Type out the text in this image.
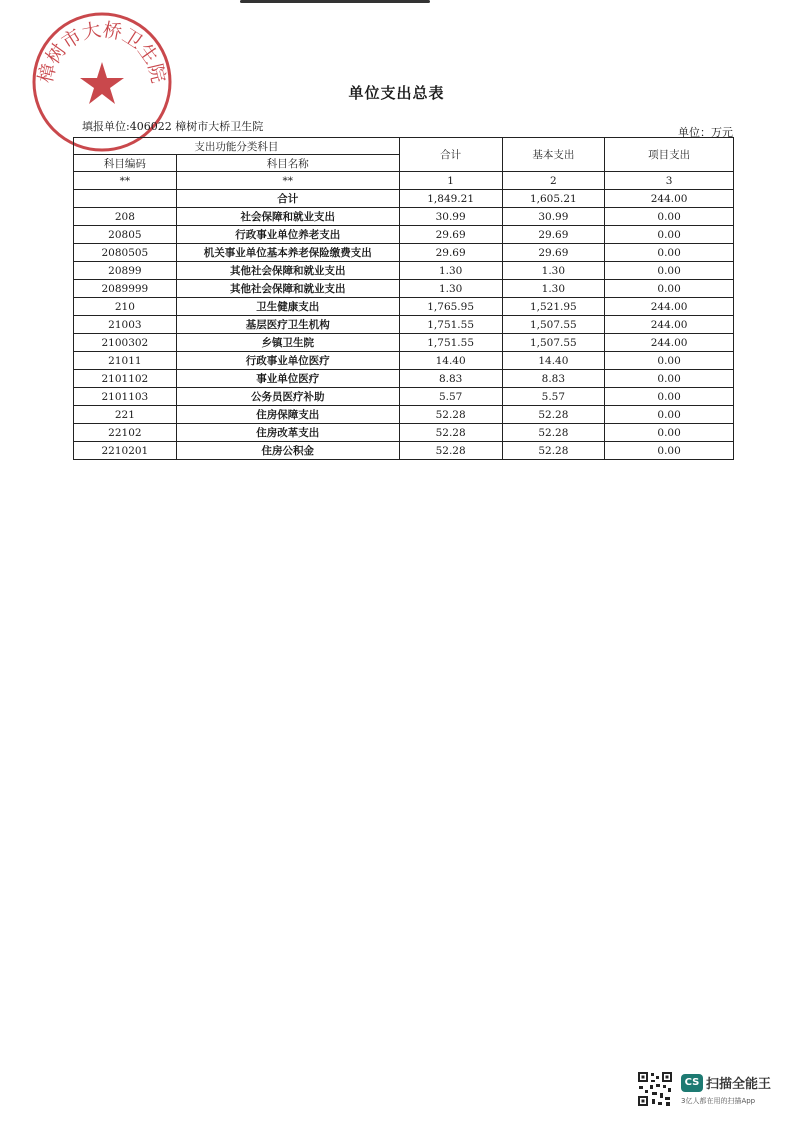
樟树市大桥卫生院
单位支出总表
填报单位:406022 樟树市大桥卫生院	单位：万元
支出功能分类科目		合计	基本支出	项目支出
科目编码	科目名称			
**	**	1	2	3
	合计	1,849.21	1,605.21	244.00
208	社会保障和就业支出	30.99	30.99	0.00
20805	行政事业单位养老支出	29.69	29.69	0.00
2080505	机关事业单位基本养老保险缴费支出	29.69	29.69	0.00
20899	其他社会保障和就业支出	1.30	1.30	0.00
2089999	其他社会保障和就业支出	1.30	1.30	0.00
210	卫生健康支出	1,765.95	1,521.95	244.00
21003	基层医疗卫生机构	1,751.55	1,507.55	244.00
2100302	乡镇卫生院	1,751.55	1,507.55	244.00
21011	行政事业单位医疗	14.40	14.40	0.00
2101102	事业单位医疗	8.83	8.83	0.00
2101103	公务员医疗补助	5.57	5.57	0.00
221	住房保障支出	52.28	52.28	0.00
22102	住房改革支出	52.28	52.28	0.00
2210201	住房公积金	52.28	52.28	0.00
CS 扫描全能王
3亿人都在用的扫描App
